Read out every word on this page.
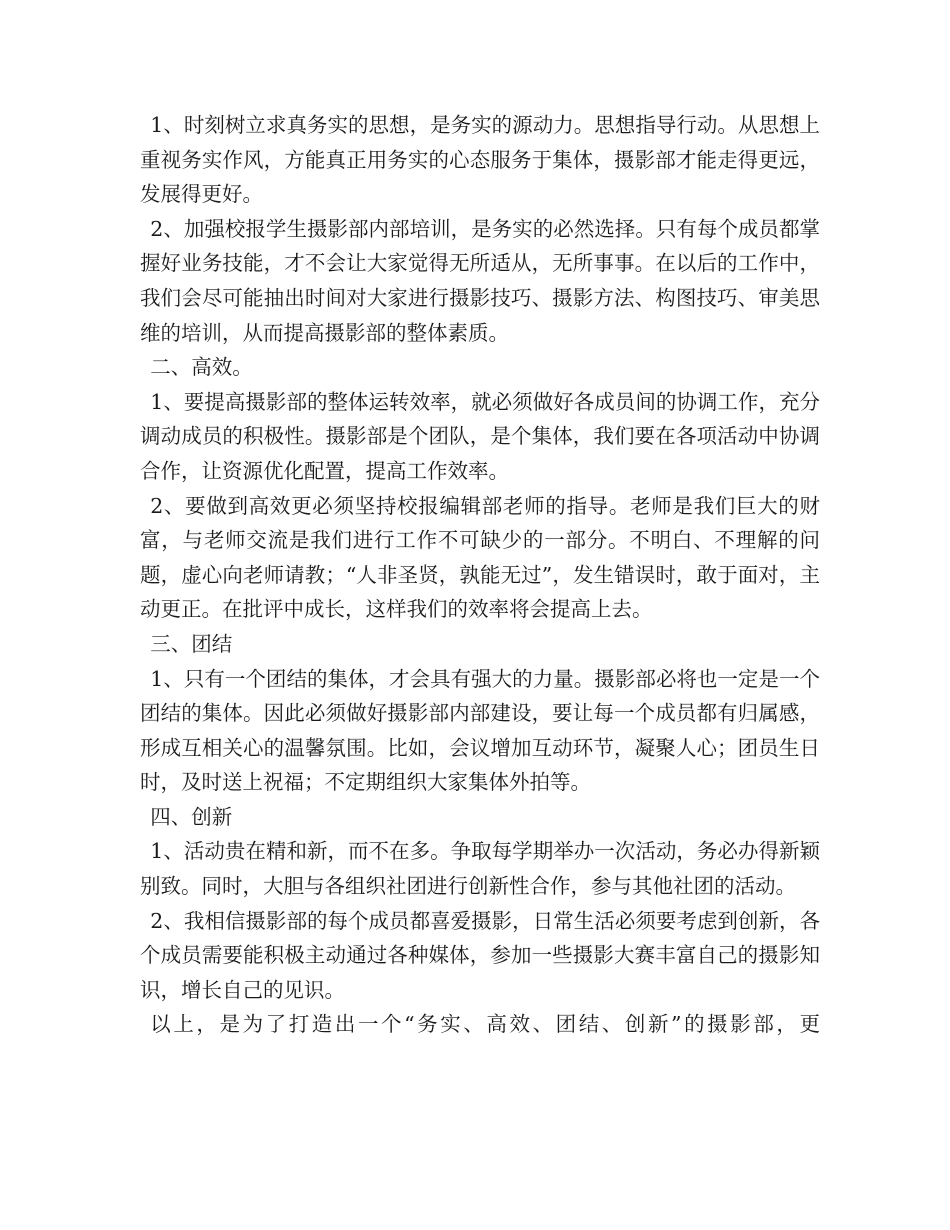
1、时刻树立求真务实的思想，是务实的源动力。思想指导行动。从思想上重视务实作风，方能真正用务实的心态服务于集体，摄影部才能走得更远，发展得更好。

2、加强校报学生摄影部内部培训，是务实的必然选择。只有每个成员都掌握好业务技能，才不会让大家觉得无所适从，无所事事。在以后的工作中，我们会尽可能抽出时间对大家进行摄影技巧、摄影方法、构图技巧、审美思维的培训，从而提高摄影部的整体素质。

二、高效。

1、要提高摄影部的整体运转效率，就必须做好各成员间的协调工作，充分调动成员的积极性。摄影部是个团队，是个集体，我们要在各项活动中协调合作，让资源优化配置，提高工作效率。

2、要做到高效更必须坚持校报编辑部老师的指导。老师是我们巨大的财富，与老师交流是我们进行工作不可缺少的一部分。不明白、不理解的问题，虚心向老师请教；“人非圣贤，孰能无过”，发生错误时，敢于面对，主动更正。在批评中成长，这样我们的效率将会提高上去。

三、团结

1、只有一个团结的集体，才会具有强大的力量。摄影部必将也一定是一个团结的集体。因此必须做好摄影部内部建设，要让每一个成员都有归属感，形成互相关心的温馨氛围。比如，会议增加互动环节，凝聚人心；团员生日时，及时送上祝福；不定期组织大家集体外拍等。

四、创新

1、活动贵在精和新，而不在多。争取每学期举办一次活动，务必办得新颖别致。同时，大胆与各组织社团进行创新性合作，参与其他社团的活动。

2、我相信摄影部的每个成员都喜爱摄影，日常生活必须要考虑到创新，各个成员需要能积极主动通过各种媒体，参加一些摄影大赛丰富自己的摄影知识，增长自己的见识。

以上，是为了打造出一个“务实、高效、团结、创新”的摄影部，更
